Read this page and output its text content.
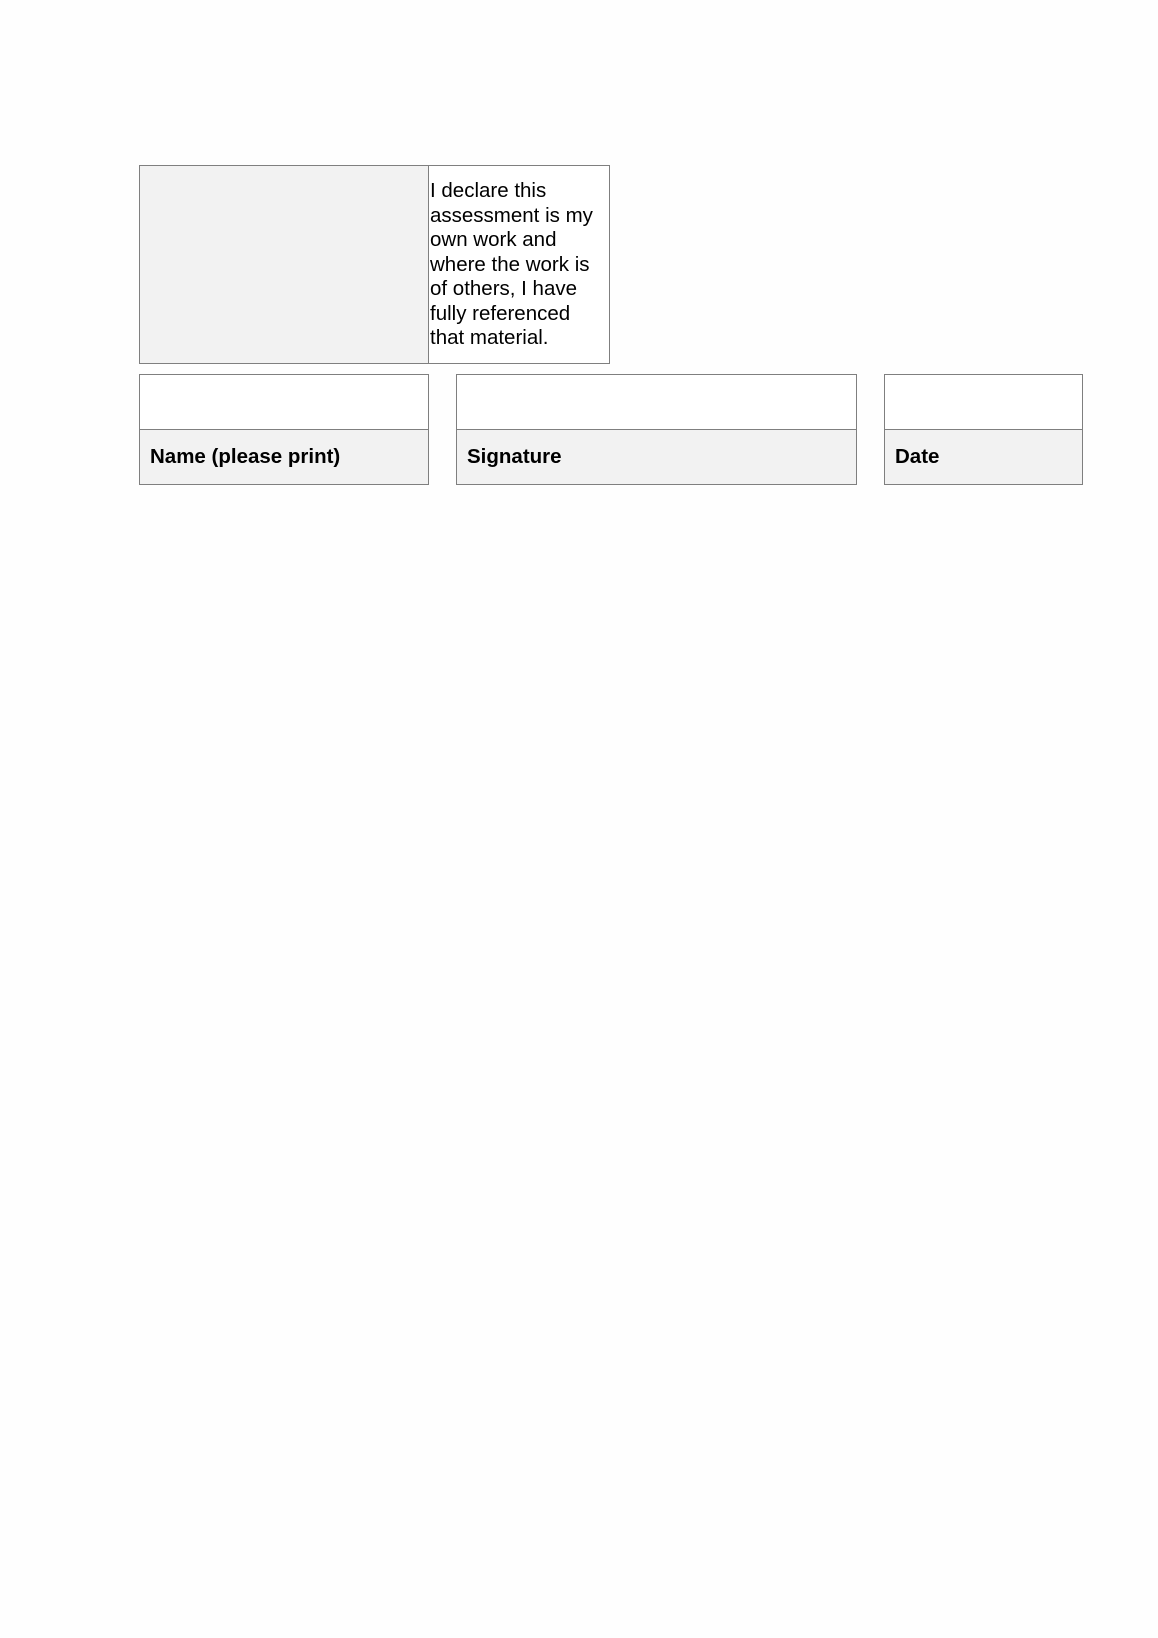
I declare this assessment is my own work and where the work is of others, I have fully referenced that material.

Name (please print)	Signature	Date
